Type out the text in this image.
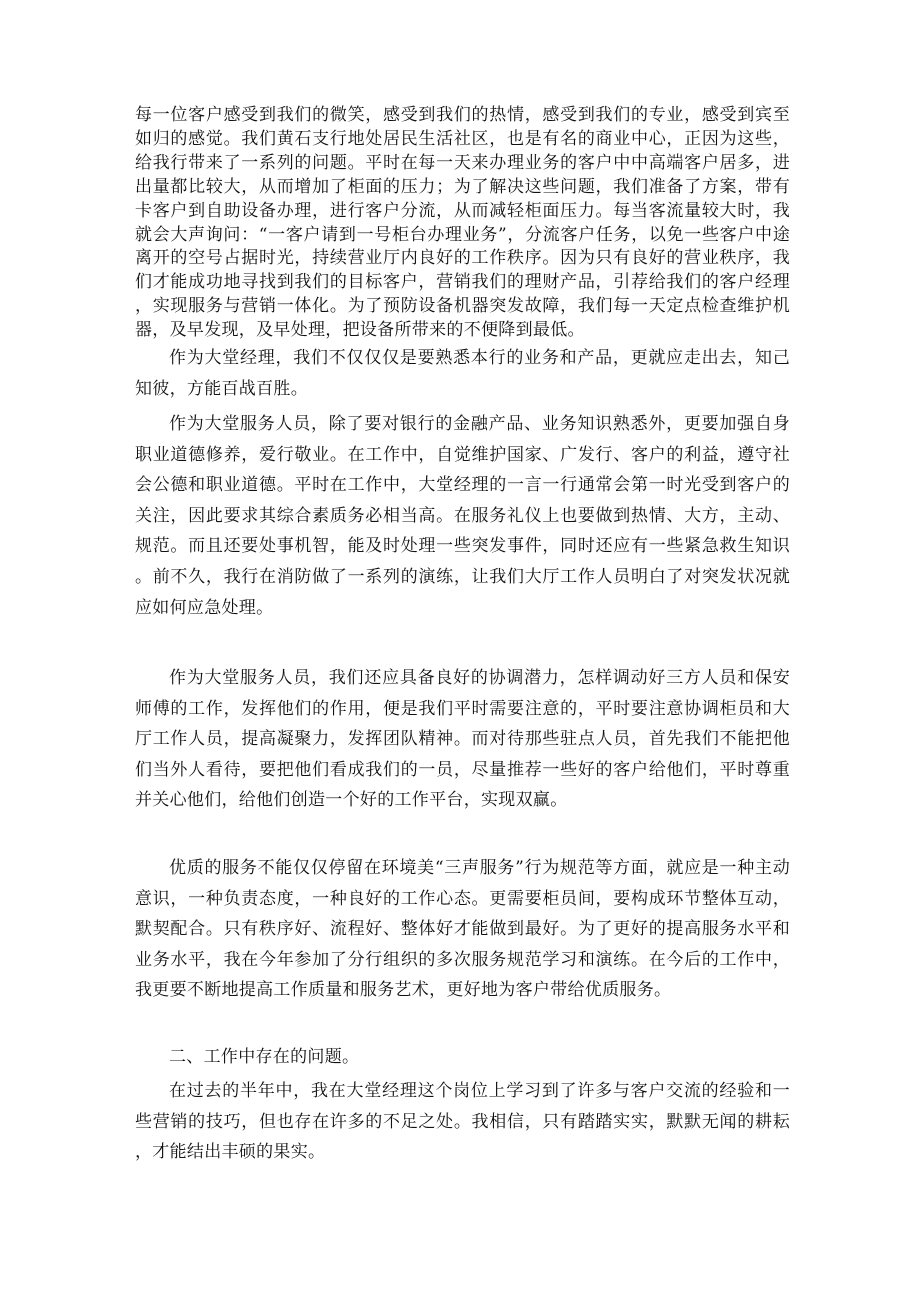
每一位客户感受到我们的微笑，感受到我们的热情，感受到我们的专业，感受到宾至如归的感觉。我们黄石支行地处居民生活社区，也是有名的商业中心，正因为这些，给我行带来了一系列的问题。平时在每一天来办理业务的客户中中高端客户居多，进出量都比较大，从而增加了柜面的压力；为了解决这些问题，我们准备了方案，带有卡客户到自助设备办理，进行客户分流，从而减轻柜面压力。每当客流量较大时，我就会大声询问：“一客户请到一号柜台办理业务”，分流客户任务，以免一些客户中途离开的空号占据时光，持续营业厅内良好的工作秩序。因为只有良好的营业秩序，我们才能成功地寻找到我们的目标客户，营销我们的理财产品，引荐给我们的客户经理，实现服务与营销一体化。为了预防设备机器突发故障，我们每一天定点检查维护机器，及早发现，及早处理，把设备所带来的不便降到最低。

作为大堂经理，我们不仅仅仅是要熟悉本行的业务和产品，更就应走出去，知己知彼，方能百战百胜。

作为大堂服务人员，除了要对银行的金融产品、业务知识熟悉外，更要加强自身职业道德修养，爱行敬业。在工作中，自觉维护国家、广发行、客户的利益，遵守社会公德和职业道德。平时在工作中，大堂经理的一言一行通常会第一时光受到客户的关注，因此要求其综合素质务必相当高。在服务礼仪上也要做到热情、大方，主动、规范。而且还要处事机智，能及时处理一些突发事件，同时还应有一些紧急救生知识。前不久，我行在消防做了一系列的演练，让我们大厅工作人员明白了对突发状况就应如何应急处理。

作为大堂服务人员，我们还应具备良好的协调潜力，怎样调动好三方人员和保安师傅的工作，发挥他们的作用，便是我们平时需要注意的，平时要注意协调柜员和大厅工作人员，提高凝聚力，发挥团队精神。而对待那些驻点人员，首先我们不能把他们当外人看待，要把他们看成我们的一员，尽量推荐一些好的客户给他们，平时尊重并关心他们，给他们创造一个好的工作平台，实现双赢。

优质的服务不能仅仅停留在环境美“三声服务”行为规范等方面，就应是一种主动意识，一种负责态度，一种良好的工作心态。更需要柜员间，要构成环节整体互动，默契配合。只有秩序好、流程好、整体好才能做到最好。为了更好的提高服务水平和业务水平，我在今年参加了分行组织的多次服务规范学习和演练。在今后的工作中，我更要不断地提高工作质量和服务艺术，更好地为客户带给优质服务。

二、工作中存在的问题。

在过去的半年中，我在大堂经理这个岗位上学习到了许多与客户交流的经验和一些营销的技巧，但也存在许多的不足之处。我相信，只有踏踏实实，默默无闻的耕耘，才能结出丰硕的果实。
